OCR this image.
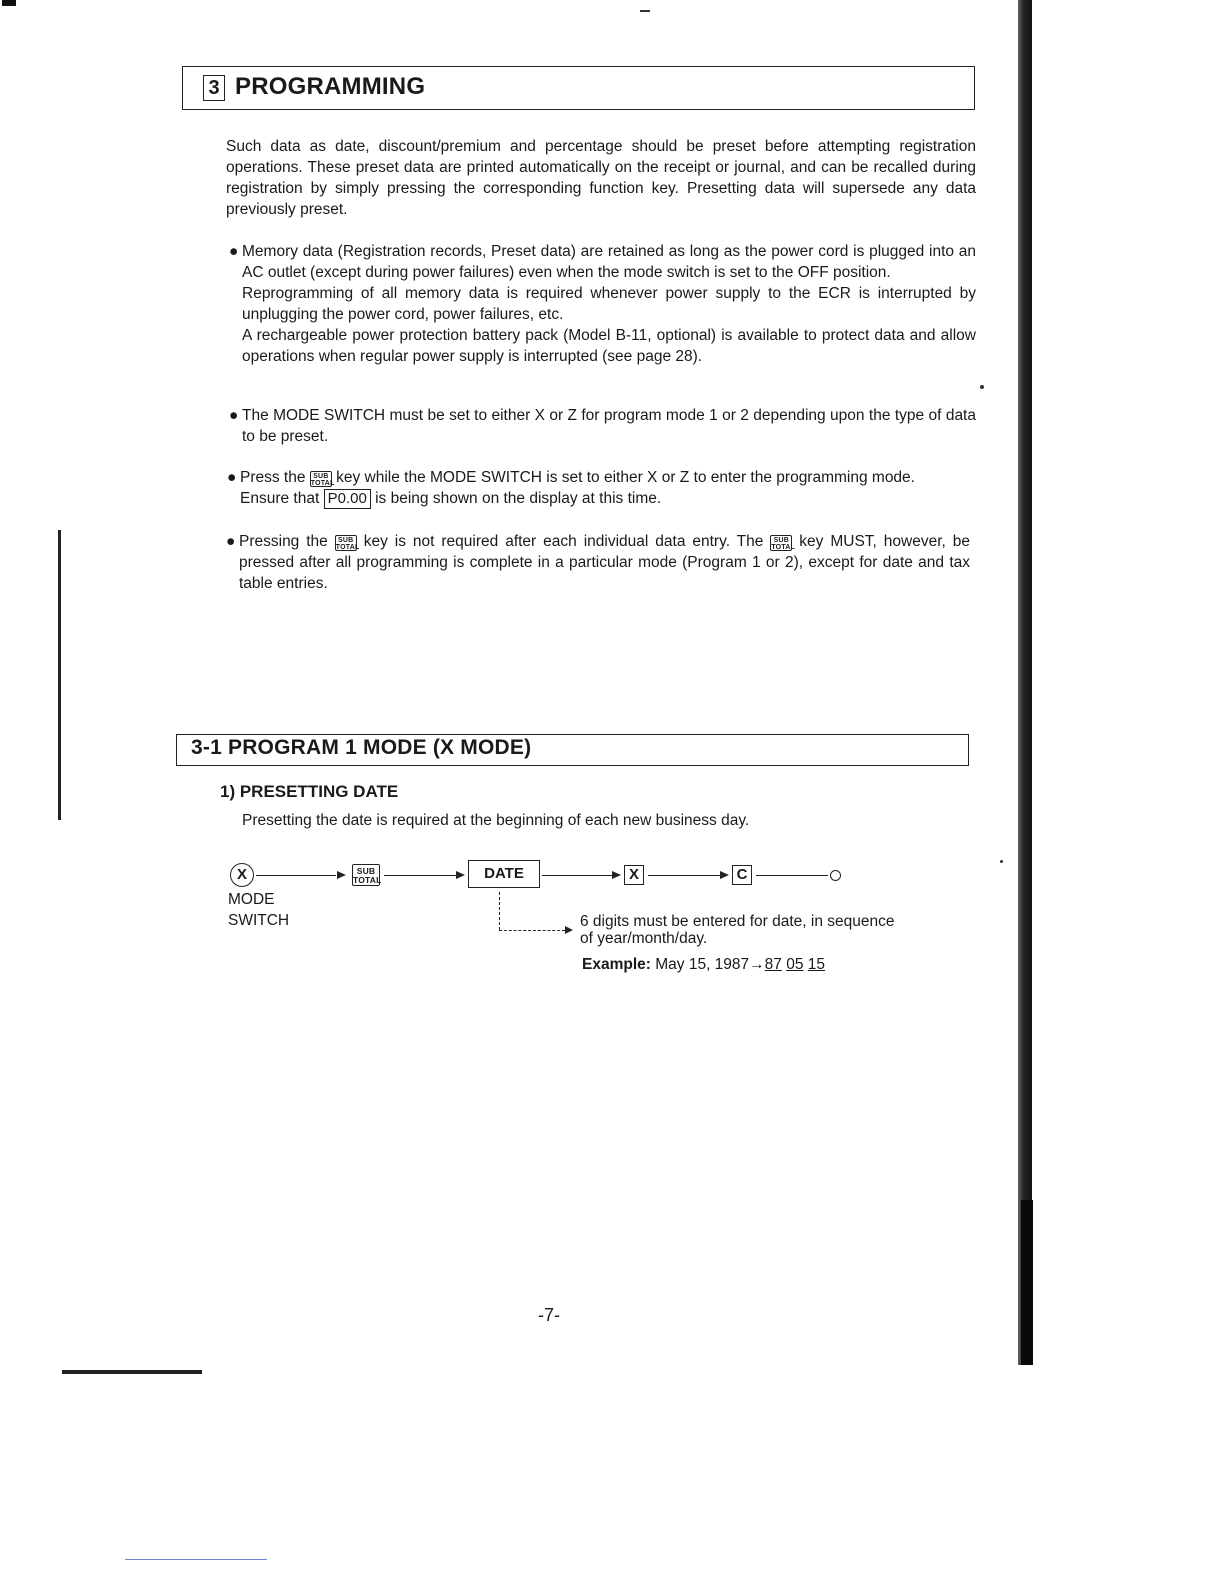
3 PROGRAMMING
Such data as date, discount/premium and percentage should be preset before attempting registration operations. These preset data are printed automatically on the receipt or journal, and can be recalled during registration by simply pressing the corresponding function key. Presetting data will supersede any data previously preset.
● Memory data (Registration records, Preset data) are retained as long as the power cord is plugged into an AC outlet (except during power failures) even when the mode switch is set to the OFF position.
Reprogramming of all memory data is required whenever power supply to the ECR is interrupted by unplugging the power cord, power failures, etc.
A rechargeable power protection battery pack (Model B-11, optional) is available to protect data and allow operations when regular power supply is interrupted (see page 28).
● The MODE SWITCH must be set to either X or Z for program mode 1 or 2 depending upon the type of data to be preset.
● Press the SUB
TOTAL key while the MODE SWITCH is set to either X or Z to enter the programming mode.
Ensure that P0.00 is being shown on the display at this time.
● Pressing the SUB
TOTAL key is not required after each individual data entry. The SUB
TOTAL key MUST, however, be pressed after all programming is complete in a particular mode (Program 1 or 2), except for date and tax table entries.
3-1 PROGRAM 1 MODE (X MODE)
1) PRESETTING DATE
Presetting the date is required at the beginning of each new business day.
X	SUB
TOTAL	DATE	X	C
MODE
SWITCH	6 digits must be entered for date, in sequence
of year/month/day.
Example: May 15, 1987→87 05 15
-7-
